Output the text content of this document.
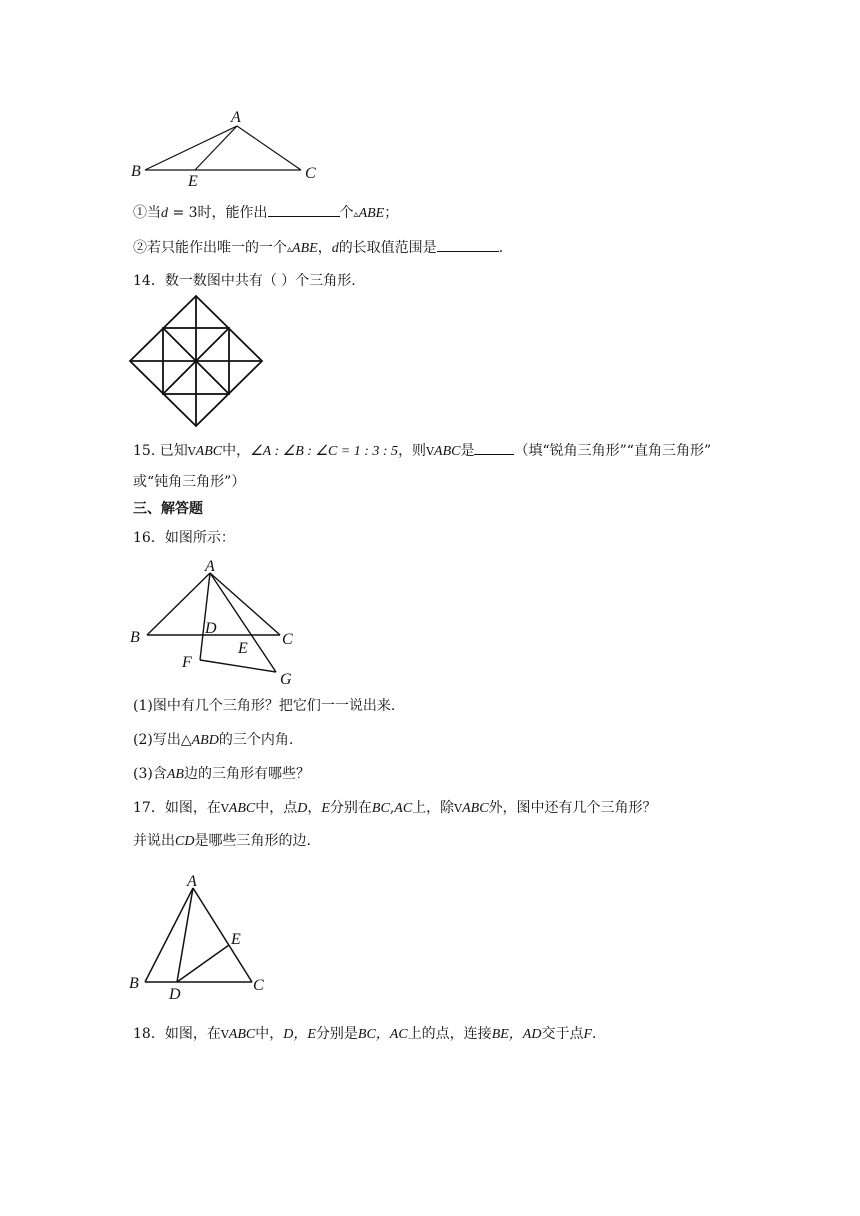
A
B	C
E
①当d = 3时，能作出	个▵ABE；
②若只能作出唯一的一个▵ABE，d的长取值范围是	.
14．数一数图中共有（ ）个三角形.
15. 已知VABC中，∠A : ∠B : ∠C = 1 : 3 : 5，则VABC是	（填“锐角三角形”“直角三角形”
或“钝角三角形”）
三、解答题
16．如图所示：
A
B	C
D
E
F
G
(1)图中有几个三角形？把它们一一说出来.
(2)写出△ABD的三个内角.
(3)含AB边的三角形有哪些？
17．如图，在VABC中，点D，E分别在BC,AC上，除VABC外，图中还有几个三角形？
并说出CD是哪些三角形的边.
A
B	C
D
E
18．如图，在VABC中，D，E分别是BC，AC上的点，连接BE，AD交于点F.
